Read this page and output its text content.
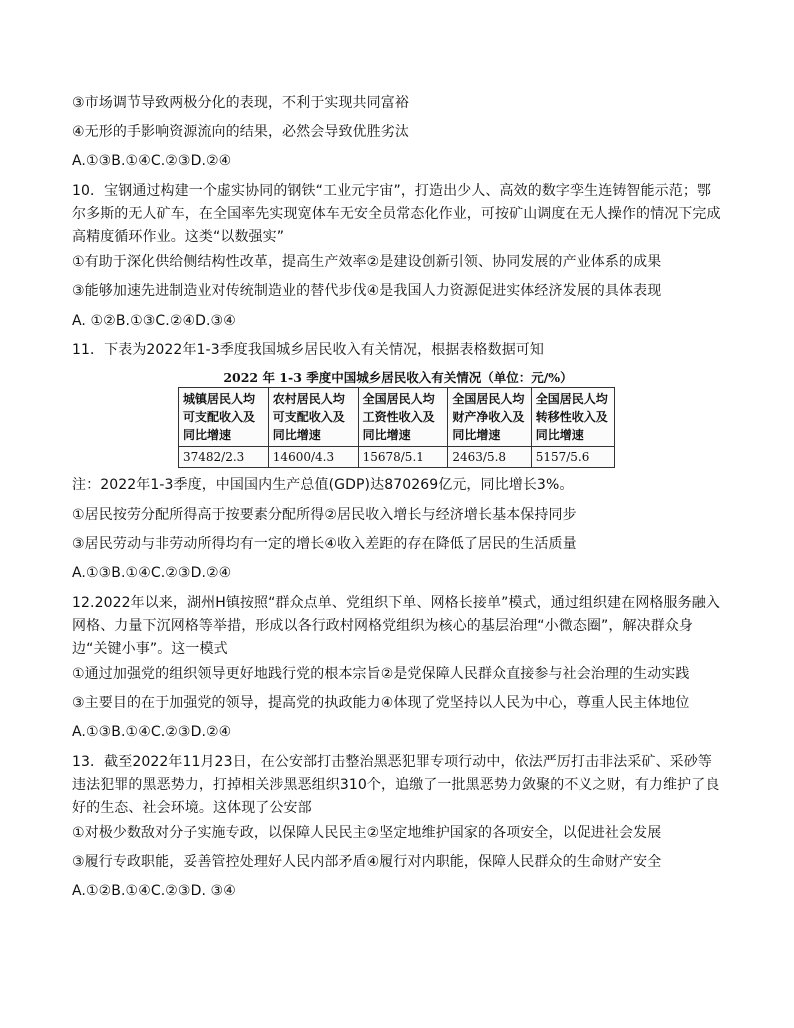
③市场调节导致两极分化的表现，不利于实现共同富裕
④无形的手影响资源流向的结果，必然会导致优胜劣汰
A.①③B.①④C.②③D.②④
10．宝钢通过构建一个虚实协同的钢铁“工业元宇宙”，打造出少人、高效的数字孪生连铸智能示范；鄂尔多斯的无人矿车，在全国率先实现宽体车无安全员常态化作业，可按矿山调度在无人操作的情况下完成高精度循环作业。这类“以数强实”
①有助于深化供给侧结构性改革，提高生产效率②是建设创新引领、协同发展的产业体系的成果
③能够加速先进制造业对传统制造业的替代步伐④是我国人力资源促进实体经济发展的具体表现
A. ①②B.①③C.②④D.③④
11．下表为2022年1-3季度我国城乡居民收入有关情况，根据表格数据可知
2022 年 1-3 季度中国城乡居民收入有关情况（单位：元/%）
城镇居民人均可支配收入及同比增速	农村居民人均可支配收入及同比增速	全国居民人均工资性收入及同比增速	全国居民人均财产净收入及同比增速	全国居民人均转移性收入及同比增速
37482/2.3	14600/4.3	15678/5.1	2463/5.8	5157/5.6
注：2022年1-3季度，中国国内生产总值(GDP)达870269亿元，同比增长3%。
①居民按劳分配所得高于按要素分配所得②居民收入增长与经济增长基本保持同步
③居民劳动与非劳动所得均有一定的增长④收入差距的存在降低了居民的生活质量
A.①③B.①④C.②③D.②④
12.2022年以来，湖州H镇按照“群众点单、党组织下单、网格长接单”模式，通过组织建在网格服务融入网格、力量下沉网格等举措，形成以各行政村网格党组织为核心的基层治理“小微态圈”，解决群众身边“关键小事”。这一模式
①通过加强党的组织领导更好地践行党的根本宗旨②是党保障人民群众直接参与社会治理的生动实践
③主要目的在于加强党的领导，提高党的执政能力④体现了党坚持以人民为中心，尊重人民主体地位
A.①③B.①④C.②③D.②④
13．截至2022年11月23日，在公安部打击整治黑恶犯罪专项行动中，依法严厉打击非法采矿、采砂等违法犯罪的黑恶势力，打掉相关涉黑恶组织310个，追缴了一批黑恶势力敛聚的不义之财，有力维护了良好的生态、社会环境。这体现了公安部
①对极少数敌对分子实施专政，以保障人民民主②坚定地维护国家的各项安全，以促进社会发展
③履行专政职能，妥善管控处理好人民内部矛盾④履行对内职能，保障人民群众的生命财产安全
A.①②B.①④C.②③D. ③④
